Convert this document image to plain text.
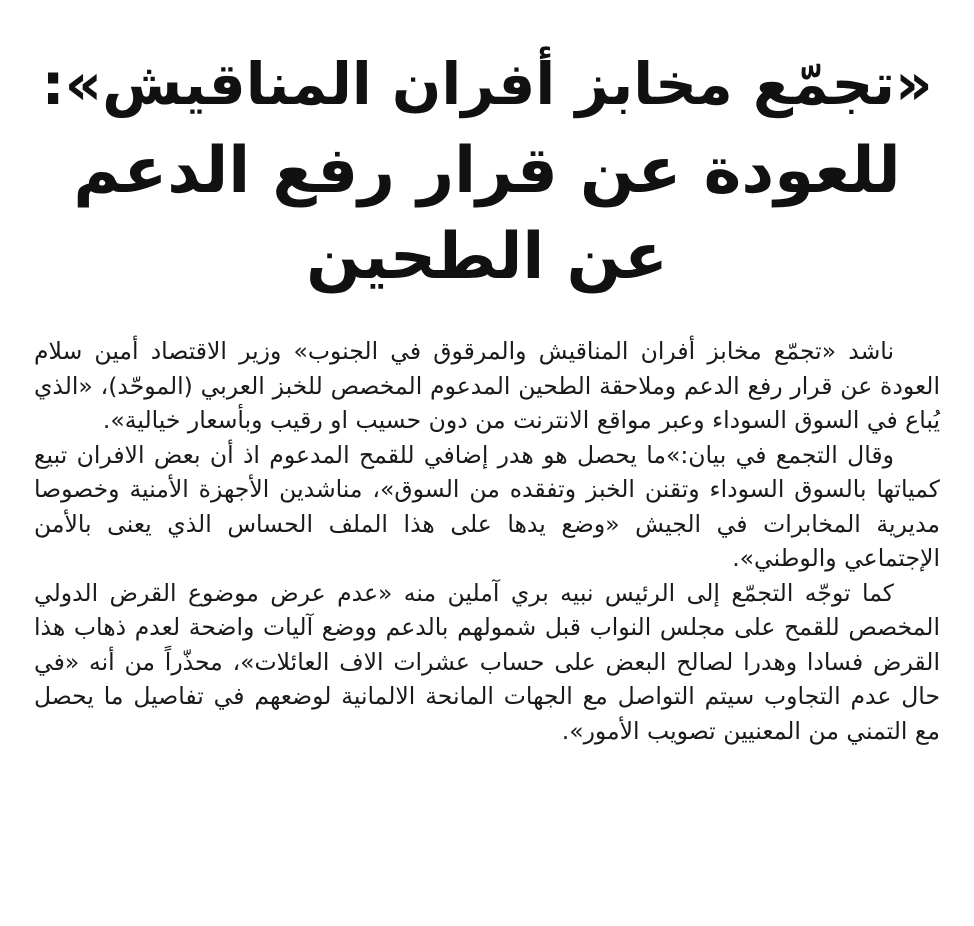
«تجمّع مخابز أفران المناقيش»:
للعودة عن قرار رفع الدعم عن الطحين

ناشد «تجمّع مخابز أفران المناقيش والمرقوق في الجنوب» وزير الاقتصاد أمين سلام العودة عن قرار رفع الدعم وملاحقة الطحين المدعوم المخصص للخبز العربي (الموحّد)، «الذي يُباع في السوق السوداء وعبر مواقع الانترنت من دون حسيب او رقيب وبأسعار خيالية».

وقال التجمع في بيان:»ما يحصل هو هدر إضافي للقمح المدعوم اذ أن بعض الافران تبيع كمياتها بالسوق السوداء وتقنن الخبز وتفقده من السوق»، مناشدين الأجهزة الأمنية وخصوصا مديرية المخابرات في الجيش «وضع يدها على هذا الملف الحساس الذي يعنى بالأمن الإجتماعي والوطني».

كما توجّه التجمّع إلى الرئيس نبيه بري آملين منه «عدم عرض موضوع القرض الدولي المخصص للقمح على مجلس النواب قبل شمولهم بالدعم ووضع آليات واضحة لعدم ذهاب هذا القرض فسادا وهدرا لصالح البعض على حساب عشرات الاف العائلات»، محذّراً من أنه «في حال عدم التجاوب سيتم التواصل مع الجهات المانحة الالمانية لوضعهم في تفاصيل ما يحصل مع التمني من المعنيين تصويب الأمور».
